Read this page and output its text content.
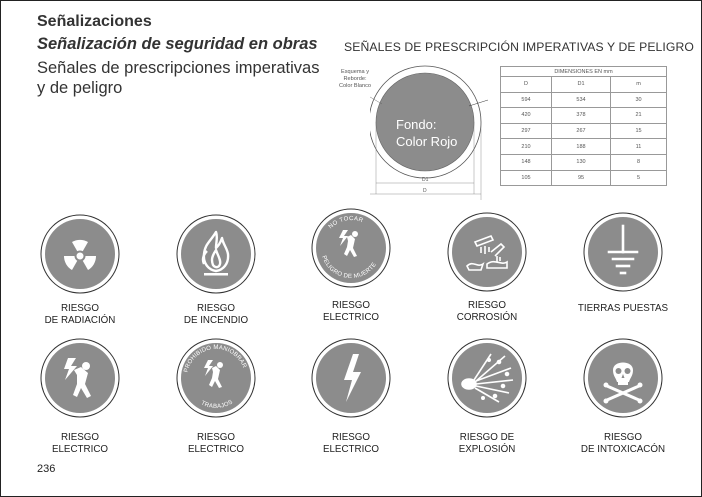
Señalizaciones
Señalización de seguridad en obras
Señales de prescripciones imperativas
y de peligro
SEÑALES DE PRESCRIPCIÓN IMPERATIVAS Y DE PELIGRO
Esquema y
Reborde:
Color Blanco
Fondo:
Color Rojo
D1
D
DIMENSIONES EN mm		
D	D1	m
594	534	30
420	378	21
297	267	15
210	188	11
148	130	8
105	95	5
RIESGO
DE RADIACIÓN
RIESGO
DE INCENDIO
NO TOCAR
PELIGRO DE MUERTE
RIESGO
ELECTRICO
RIESGO
CORROSIÓN
TIERRAS PUESTAS
RIESGO
ELECTRICO
PROHIBIDO MANIOBRAR
TRABAJOS
RIESGO
ELECTRICO
RIESGO
ELECTRICO
RIESGO DE
EXPLOSIÓN
RIESGO
DE INTOXICACÓN
236
